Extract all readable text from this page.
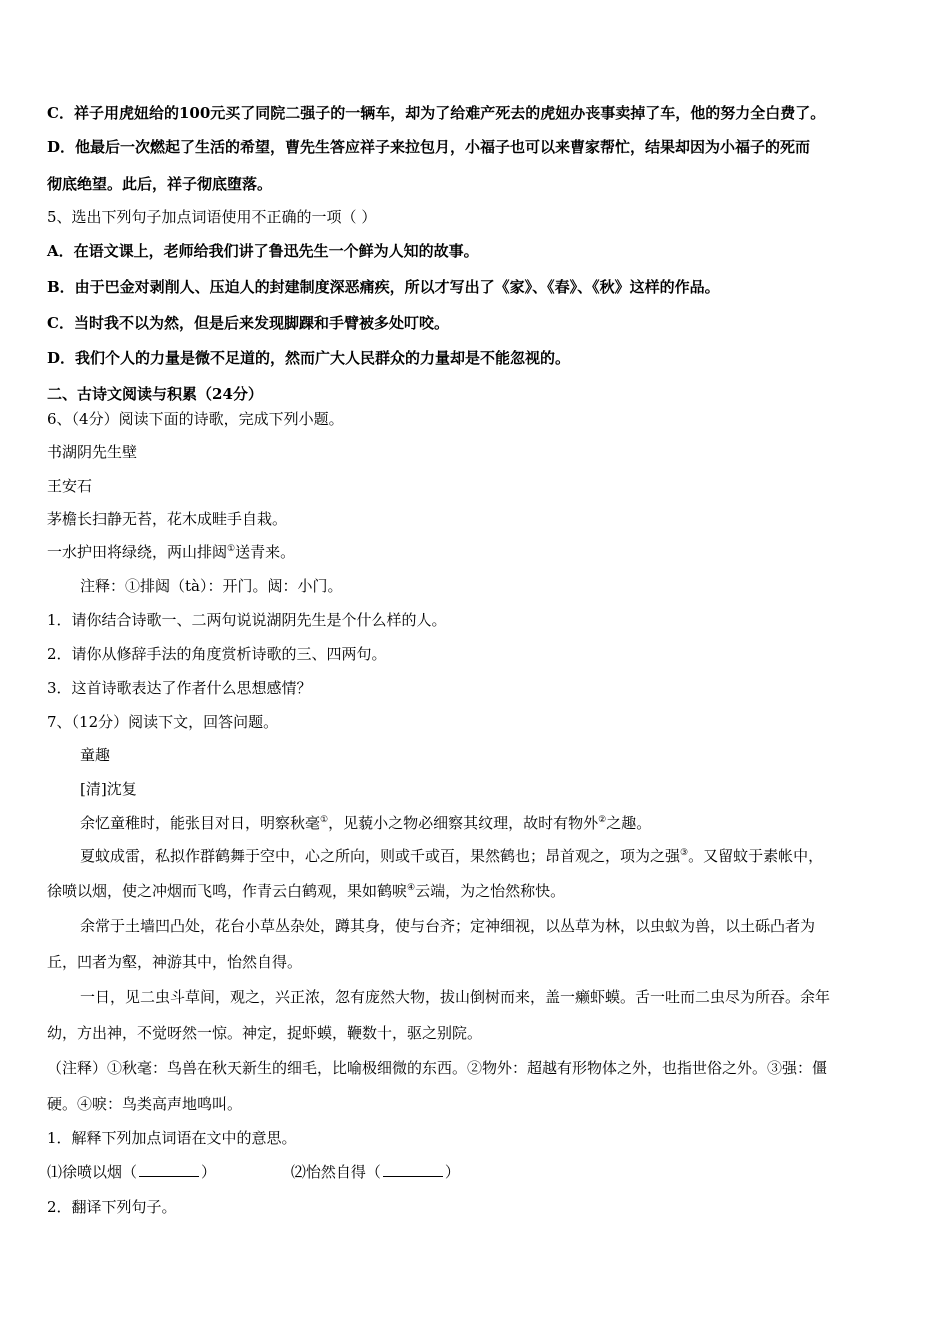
C．祥子用虎妞给的100元买了同院二强子的一辆车，却为了给难产死去的虎妞办丧事卖掉了车，他的努力全白费了。
D．他最后一次燃起了生活的希望，曹先生答应祥子来拉包月，小福子也可以来曹家帮忙，结果却因为小福子的死而
彻底绝望。此后，祥子彻底堕落。
5、选出下列句子加点词语使用不正确的一项（ ）
A．在语文课上，老师给我们讲了鲁迅先生一个鲜为人知的故事。
B．由于巴金对剥削人、压迫人的封建制度深恶痛疾，所以才写出了《家》、《春》、《秋》这样的作品。
C．当时我不以为然，但是后来发现脚踝和手臂被多处叮咬。
D．我们个人的力量是微不足道的，然而广大人民群众的力量却是不能忽视的。
二、古诗文阅读与积累（24分）
6、（4分）阅读下面的诗歌，完成下列小题。
书湖阴先生壁
王安石
茅檐长扫静无苔，花木成畦手自栽。
一水护田将绿绕，两山排闼①送青来。
注释：①排闼（tà）：开门。闼：小门。
1．请你结合诗歌一、二两句说说湖阴先生是个什么样的人。
2．请你从修辞手法的角度赏析诗歌的三、四两句。
3．这首诗歌表达了作者什么思想感情？
7、（12分）阅读下文，回答问题。
童趣
[清]沈复
余忆童稚时，能张目对日，明察秋毫①，见藐小之物必细察其纹理，故时有物外②之趣。
夏蚊成雷，私拟作群鹤舞于空中，心之所向，则或千或百，果然鹤也；昂首观之，项为之强③。又留蚊于素帐中，
徐喷以烟，使之冲烟而飞鸣，作青云白鹤观，果如鹤唳④云端，为之怡然称快。
余常于土墙凹凸处，花台小草丛杂处，蹲其身，使与台齐；定神细视，以丛草为林，以虫蚁为兽，以土砾凸者为
丘，凹者为壑，神游其中，怡然自得。
一日，见二虫斗草间，观之，兴正浓，忽有庞然大物，拔山倒树而来，盖一癞虾蟆。舌一吐而二虫尽为所吞。余年
幼，方出神，不觉呀然一惊。神定，捉虾蟆，鞭数十，驱之别院。
（注释）①秋毫：鸟兽在秋天新生的细毛，比喻极细微的东西。②物外：超越有形物体之外，也指世俗之外。③强：僵
硬。④唳：鸟类高声地鸣叫。
1．解释下列加点词语在文中的意思。
⑴徐喷以烟（	）	⑵怡然自得（	）
2．翻译下列句子。
